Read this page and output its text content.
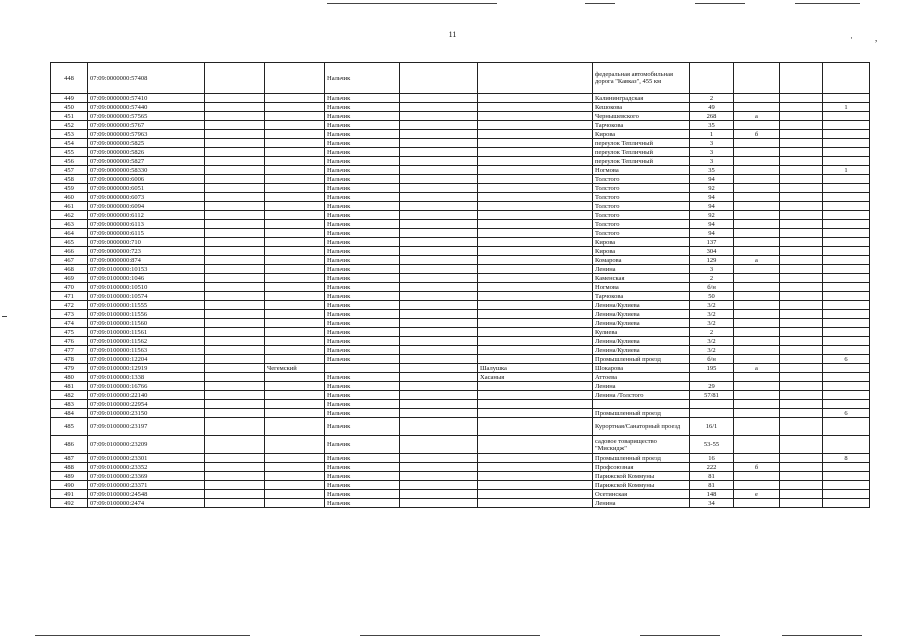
· ,
11
448	07:09:0000000:57408			Нальчик			федеральная автомобильная дорога "Кавказ", 455 км				
449	07:09:0000000:57410			Нальчик			Калининградская	2			
450	07:09:0000000:57440			Нальчик			Кешокова	49			1
451	07:09:0000000:57565			Нальчик			Чернышевского	268	а		
452	07:09:0000000:5767			Нальчик			Тарчокова	35			
453	07:09:0000000:57963			Нальчик			Кирова	1	б		
454	07:09:0000000:5825			Нальчик			переулок Тепличный	3			
455	07:09:0000000:5826			Нальчик			переулок Тепличный	3			
456	07:09:0000000:5827			Нальчик			переулок Тепличный	3			
457	07:09:0000000:58330			Нальчик			Ногмова	35			1
458	07:09:0000000:6006			Нальчик			Толстого	94			
459	07:09:0000000:6051			Нальчик			Толстого	92			
460	07:09:0000000:6073			Нальчик			Толстого	94			
461	07:09:0000000:6094			Нальчик			Толстого	94			
462	07:09:0000000:6112			Нальчик			Толстого	92			
463	07:09:0000000:6113			Нальчик			Толстого	94			
464	07:09:0000000:6115			Нальчик			Толстого	94			
465	07:09:0000000:710			Нальчик			Кирова	137			
466	07:09:0000000:723			Нальчик			Кирова	304			
467	07:09:0000000:874			Нальчик			Комарова	129	а		
468	07:09:0100000:10153			Нальчик			Ленина	3			
469	07:09:0100000:1046			Нальчик			Каменская	2			
470	07:09:0100000:10510			Нальчик			Ногмова	б/н			
471	07:09:0100000:10574			Нальчик			Тарчокова	50			
472	07:09:0100000:11555			Нальчик			Ленина/Кулиева	3/2			
473	07:09:0100000:11556			Нальчик			Ленина/Кулиева	3/2			
474	07:09:0100000:11560			Нальчик			Ленина/Кулиева	3/2			
475	07:09:0100000:11561			Нальчик			Кулиева	2			
476	07:09:0100000:11562			Нальчик			Ленина/Кулиева	3/2			
477	07:09:0100000:11563			Нальчик			Ленина/Кулиева	3/2			
478	07:09:0100000:12204			Нальчик			Промышленный проезд	б/н			6
479	07:09:0100000:12919		Чегемский			Шалушка	Шокарова	195	а		
480	07:09:0100000:1338			Нальчик		Хасаныя	Аттоева				
481	07:09:0100000:16766			Нальчик			Ленина	29			
482	07:09:0100000:22140			Нальчик			Ленина /Толстого	57/81			
483	07:09:0100000:22954			Нальчик							
484	07:09:0100000:23150			Нальчик			Промышленный проезд				6
485	07:09:0100000:23197			Нальчик			Курортная/Санаторный проезд	16/1			
486	07:09:0100000:23209			Нальчик			садовое товарищество "Мискидж"	53-55			
487	07:09:0100000:23301			Нальчик			Промышленный проезд	16			8
488	07:09:0100000:23352			Нальчик			Профсоюзная	222	б		
489	07:09:0100000:23369			Нальчик			Парижской Коммуны	81			
490	07:09:0100000:23371			Нальчик			Парижской Коммуны	81			
491	07:09:0100000:24548			Нальчик			Осетинская	148	е		
492	07:09:0100000:2474			Нальчик			Ленина	34			
